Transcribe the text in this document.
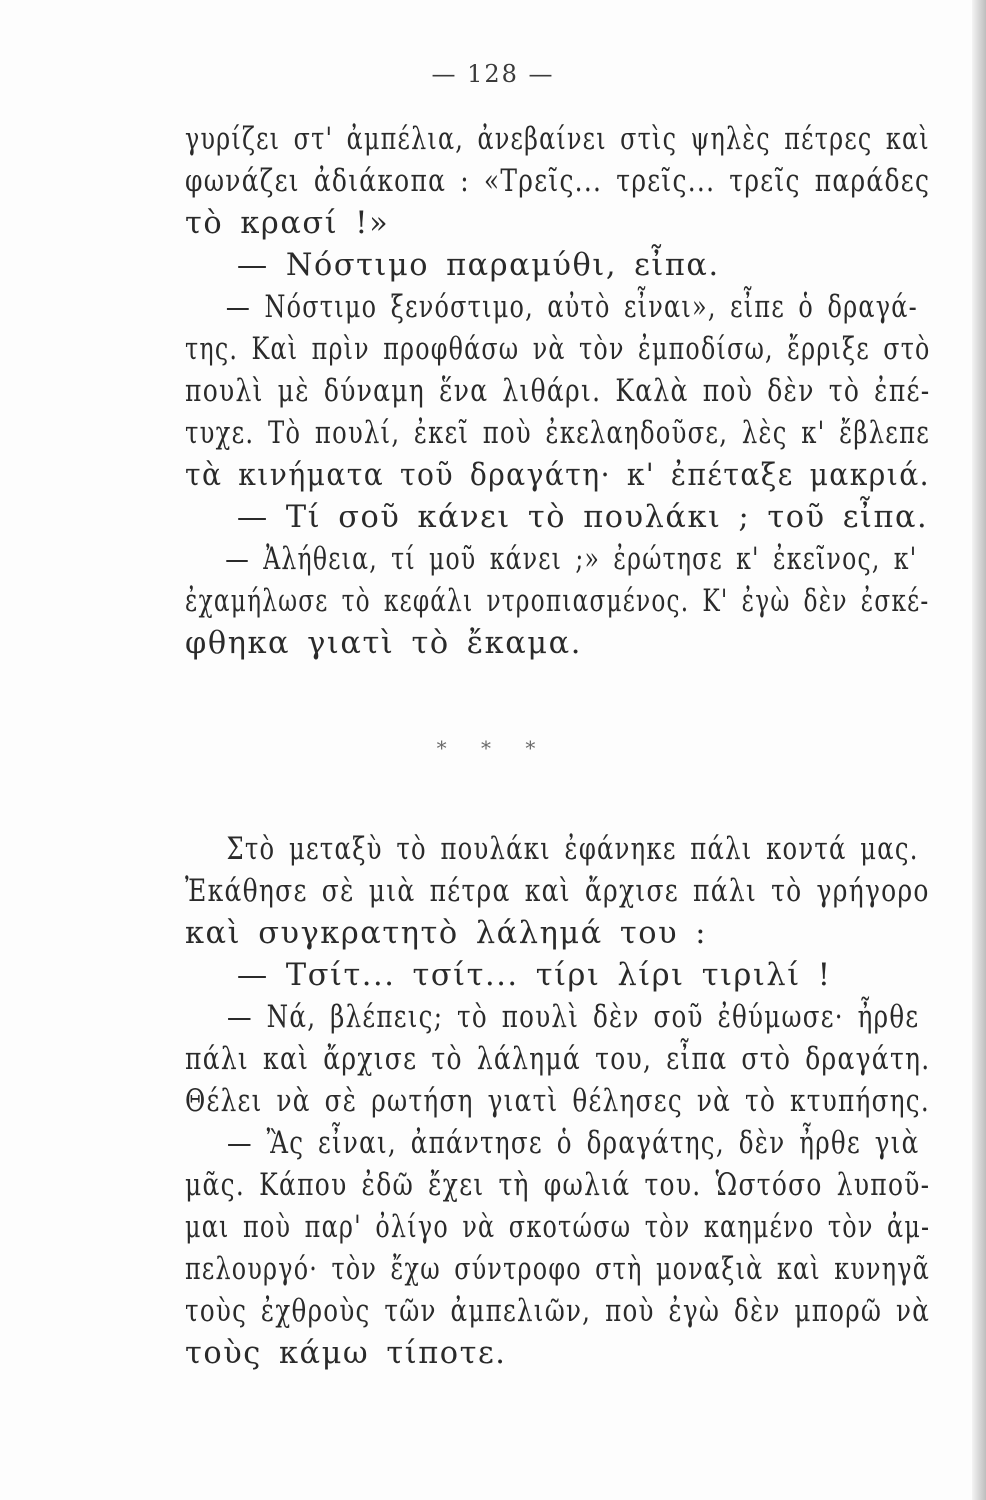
— 128 —
γυρίζει στ' ἀμπέλια, ἀνεβαίνει στὶς ψηλὲς πέτρες καὶ
φωνάζει ἀδιάκοπα : «Τρεῖς... τρεῖς... τρεῖς παράδες
τὸ κρασί !»
— Νόστιμο παραμύθι, εἶπα.
— Νόστιμο ξενόστιμο, αὐτὸ εἶναι», εἶπε ὁ δραγά-
της. Καὶ πρὶν προφθάσω νὰ τὸν ἐμποδίσω, ἔρριξε στὸ
πουλὶ μὲ δύναμη ἕνα λιθάρι. Καλὰ ποὺ δὲν τὸ ἐπέ-
τυχε. Τὸ πουλί, ἐκεῖ ποὺ ἐκελαηδοῦσε, λὲς κ' ἔβλεπε
τὰ κινήματα τοῦ δραγάτη· κ' ἐπέταξε μακριά.
— Τί σοῦ κάνει τὸ πουλάκι ; τοῦ εἶπα.
— Ἀλήθεια, τί μοῦ κάνει ;» ἐρώτησε κ' ἐκεῖνος, κ'
ἐχαμήλωσε τὸ κεφάλι ντροπιασμένος. Κ' ἐγὼ δὲν ἐσκέ-
φθηκα γιατὶ τὸ ἔκαμα.
* * *
Στὸ μεταξὺ τὸ πουλάκι ἐφάνηκε πάλι κοντά μας.
Ἐκάθησε σὲ μιὰ πέτρα καὶ ἄρχισε πάλι τὸ γρήγορο
καὶ συγκρατητὸ λάλημά του :
— Τσίτ... τσίτ... τίρι λίρι τιριλί !
— Νά, βλέπεις; τὸ πουλὶ δὲν σοῦ ἐθύμωσε· ἦρθε
πάλι καὶ ἄρχισε τὸ λάλημά του, εἶπα στὸ δραγάτη.
Θέλει νὰ σὲ ρωτήση γιατὶ θέλησες νὰ τὸ κτυπήσης.
— Ἂς εἶναι, ἀπάντησε ὁ δραγάτης, δὲν ἦρθε γιὰ
μᾶς. Κάπου ἐδῶ ἔχει τὴ φωλιά του. Ὡστόσο λυποῦ-
μαι ποὺ παρ' ὀλίγο νὰ σκοτώσω τὸν καημένο τὸν ἀμ-
πελουργό· τὸν ἔχω σύντροφο στὴ μοναξιὰ καὶ κυνηγᾶ
τοὺς ἐχθροὺς τῶν ἀμπελιῶν, ποὺ ἐγὼ δὲν μπορῶ νὰ
τοὺς κάμω τίποτε.
